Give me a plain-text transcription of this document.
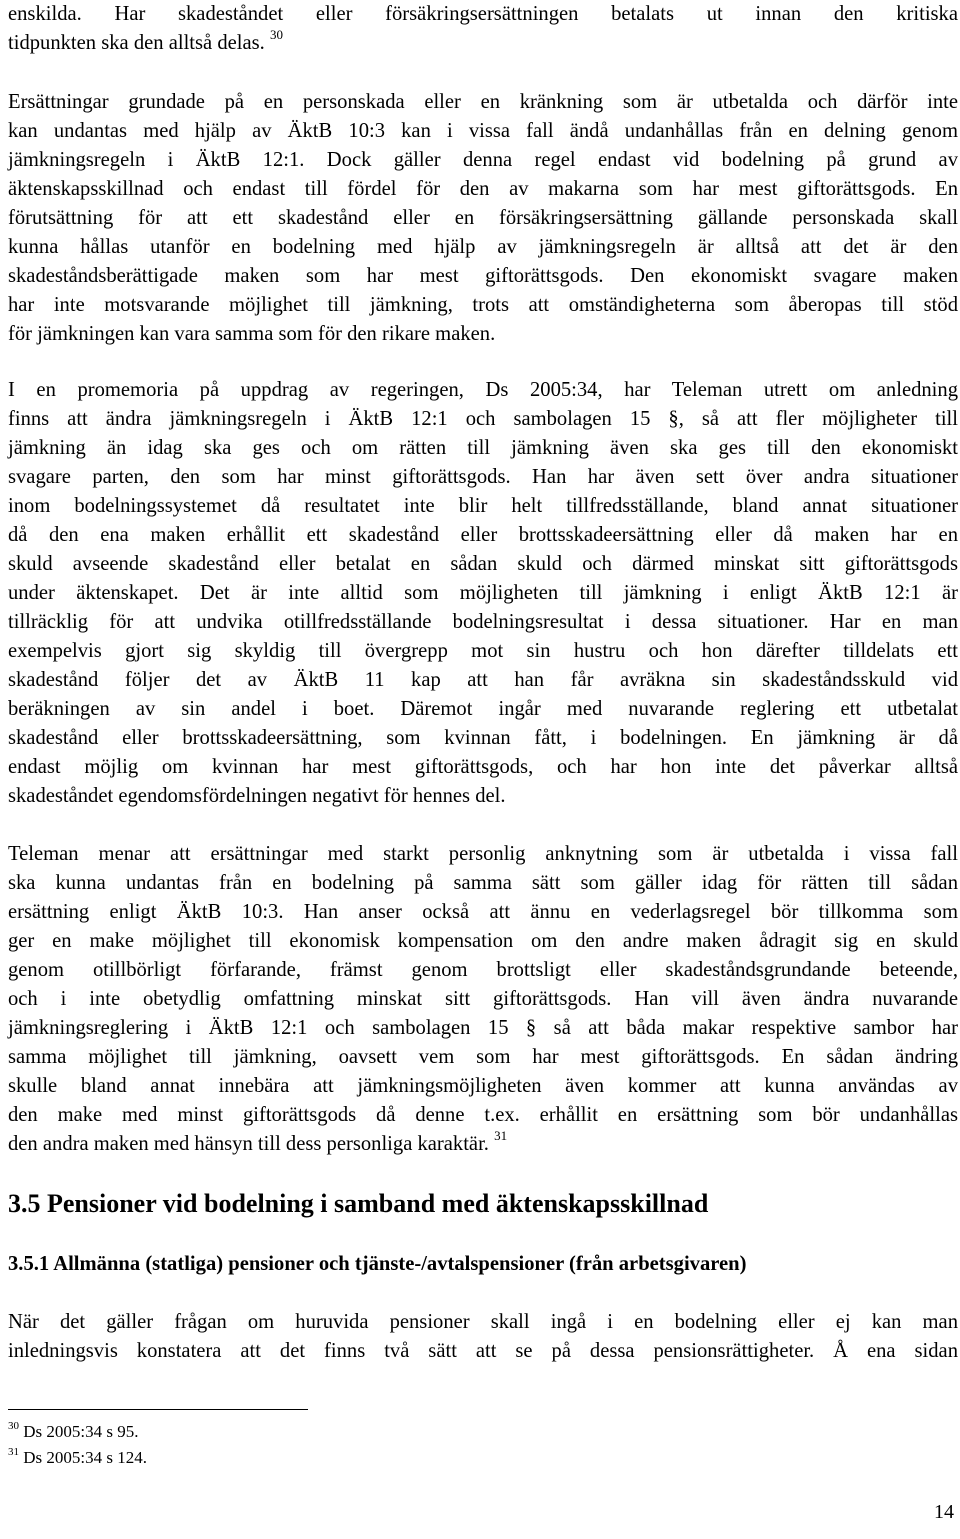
enskilda. Har skadeståndet eller försäkringsersättningen betalats ut innan den kritiska
tidpunkten ska den alltså delas. $^{30}$

Ersättningar grundade på en personskada eller en kränkning som är utbetalda och därför inte
kan undantas med hjälp av ÄktB 10:3 kan i vissa fall ändå undanhållas från en delning genom
jämkningsregeln i ÄktB 12:1. Dock gäller denna regel endast vid bodelning på grund av
äktenskapsskillnad och endast till fördel för den av makarna som har mest giftorättsgods. En
förutsättning för att ett skadestånd eller en försäkringsersättning gällande personskada skall
kunna hållas utanför en bodelning med hjälp av jämkningsregeln är alltså att det är den
skadeståndsberättigade maken som har mest giftorättsgods. Den ekonomiskt svagare maken
har inte motsvarande möjlighet till jämkning, trots att omständigheterna som åberopas till stöd
för jämkningen kan vara samma som för den rikare maken.

I en promemoria på uppdrag av regeringen, Ds 2005:34, har Teleman utrett om anledning
finns att ändra jämkningsregeln i ÄktB 12:1 och sambolagen 15 §, så att fler möjligheter till
jämkning än idag ska ges och om rätten till jämkning även ska ges till den ekonomiskt
svagare parten, den som har minst giftorättsgods. Han har även sett över andra situationer
inom bodelningssystemet då resultatet inte blir helt tillfredsställande, bland annat situationer
då den ena maken erhållit ett skadestånd eller brottsskadeersättning eller då maken har en
skuld avseende skadestånd eller betalat en sådan skuld och därmed minskat sitt giftorättsgods
under äktenskapet. Det är inte alltid som möjligheten till jämkning i enligt ÄktB 12:1 är
tillräcklig för att undvika otillfredsställande bodelningsresultat i dessa situationer. Har en man
exempelvis gjort sig skyldig till övergrepp mot sin hustru och hon därefter tilldelats ett
skadestånd följer det av ÄktB 11 kap att han får avräkna sin skadeståndsskuld vid
beräkningen av sin andel i boet. Däremot ingår med nuvarande reglering ett utbetalat
skadestånd eller brottsskadeersättning, som kvinnan fått, i bodelningen. En jämkning är då
endast möjlig om kvinnan har mest giftorättsgods, och har hon inte det påverkar alltså
skadeståndet egendomsfördelningen negativt för hennes del.

Teleman menar att ersättningar med starkt personlig anknytning som är utbetalda i vissa fall
ska kunna undantas från en bodelning på samma sätt som gäller idag för rätten till sådan
ersättning enligt ÄktB 10:3. Han anser också att ännu en vederlagsregel bör tillkomma som
ger en make möjlighet till ekonomisk kompensation om den andre maken ådragit sig en skuld
genom otillbörligt förfarande, främst genom brottsligt eller skadeståndsgrundande beteende,
och i inte obetydlig omfattning minskat sitt giftorättsgods. Han vill även ändra nuvarande
jämkningsreglering i ÄktB 12:1 och sambolagen 15 § så att båda makar respektive sambor har
samma möjlighet till jämkning, oavsett vem som har mest giftorättsgods. En sådan ändring
skulle bland annat innebära att jämkningsmöjligheten även kommer att kunna användas av
den make med minst giftorättsgods då denne t.ex. erhållit en ersättning som bör undanhållas
den andra maken med hänsyn till dess personliga karaktär. $^{31}$

3.5 Pensioner vid bodelning i samband med äktenskapsskillnad
3.5.1 Allmänna (statliga) pensioner och tjänste-/avtalspensioner (från arbetsgivaren)

När det gäller frågan om huruvida pensioner skall ingå i en bodelning eller ej kan man
inledningsvis konstatera att det finns två sätt att se på dessa pensionsrättigheter. Å ena sidan

$^{30}$ Ds 2005:34 s 95.
$^{31}$ Ds 2005:34 s 124.
14
